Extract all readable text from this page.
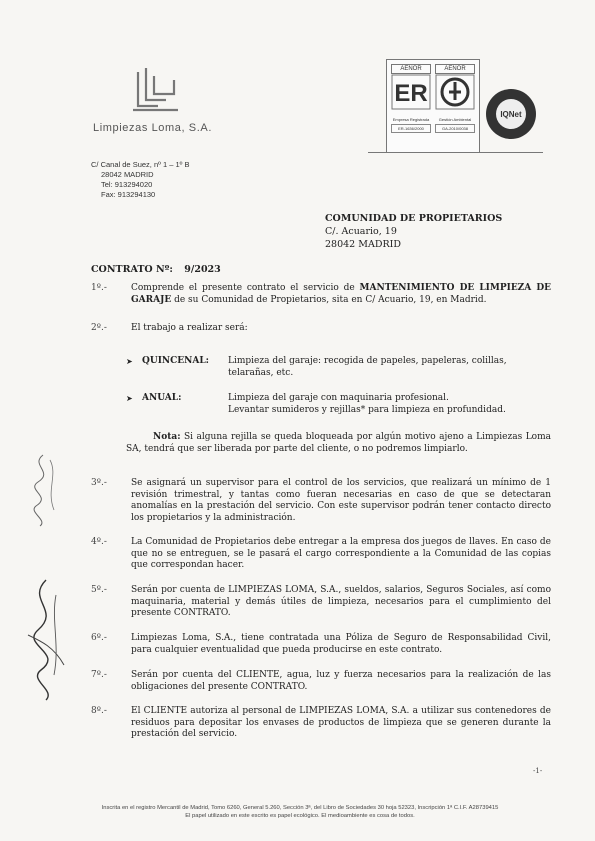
Limpiezas Loma, S.A.
AENOR
ER
Empresa Registrada
ER-1636/2000
AENOR
Gestión Ambiental
GA-2010/0038
IQNet
C/ Canal de Suez, nº 1 – 1º B
28042 MADRID
Tel: 913294020
Fax: 913294130
COMUNIDAD DE PROPIETARIOS
C/. Acuario, 19
28042 MADRID
CONTRATO Nº: 9/2023
1º.-	Comprende el presente contrato el servicio de MANTENIMIENTO DE LIMPIEZA DE GARAJE de su Comunidad de Propietarios, sita en C/ Acuario, 19, en Madrid.
2º.-	El trabajo a realizar será:
➤ QUINCENAL: Limpieza del garaje: recogida de papeles, papeleras, colillas, telarañas, etc.
➤ ANUAL:	Limpieza del garaje con maquinaria profesional.
Levantar sumideros y rejillas* para limpieza en profundidad.
Nota: Si alguna rejilla se queda bloqueada por algún motivo ajeno a Limpiezas Loma SA, tendrá que ser liberada por parte del cliente, o no podremos limpiarlo.
3º.-	Se asignará un supervisor para el control de los servicios, que realizará un mínimo de 1 revisión trimestral, y tantas como fueran necesarias en caso de que se detectaran anomalías en la prestación del servicio. Con este supervisor podrán tener contacto directo los propietarios y la administración.
4º.-	La Comunidad de Propietarios debe entregar a la empresa dos juegos de llaves. En caso de que no se entreguen, se le pasará el cargo correspondiente a la Comunidad de las copias que correspondan hacer.
5º.-	Serán por cuenta de LIMPIEZAS LOMA, S.A., sueldos, salarios, Seguros Sociales, así como maquinaria, material y demás útiles de limpieza, necesarios para el cumplimiento del presente CONTRATO.
6º.-	Limpiezas Loma, S.A., tiene contratada una Póliza de Seguro de Responsabilidad Civil, para cualquier eventualidad que pueda producirse en este contrato.
7º.-	Serán por cuenta del CLIENTE, agua, luz y fuerza necesarios para la realización de las obligaciones del presente CONTRATO.
8º.-	El CLIENTE autoriza al personal de LIMPIEZAS LOMA, S.A. a utilizar sus contenedores de residuos para depositar los envases de productos de limpieza que se generen durante la prestación del servicio.
-1-
Inscrita en el registro Mercantil de Madrid, Tomo 6260, General 5.260, Sección 3ª, del Libro de Sociedades 30 hoja 52323, Inscripción 1ª C.I.F. A28739415
El papel utilizado en este escrito es papel ecológico. El medioambiente es cosa de todos.
